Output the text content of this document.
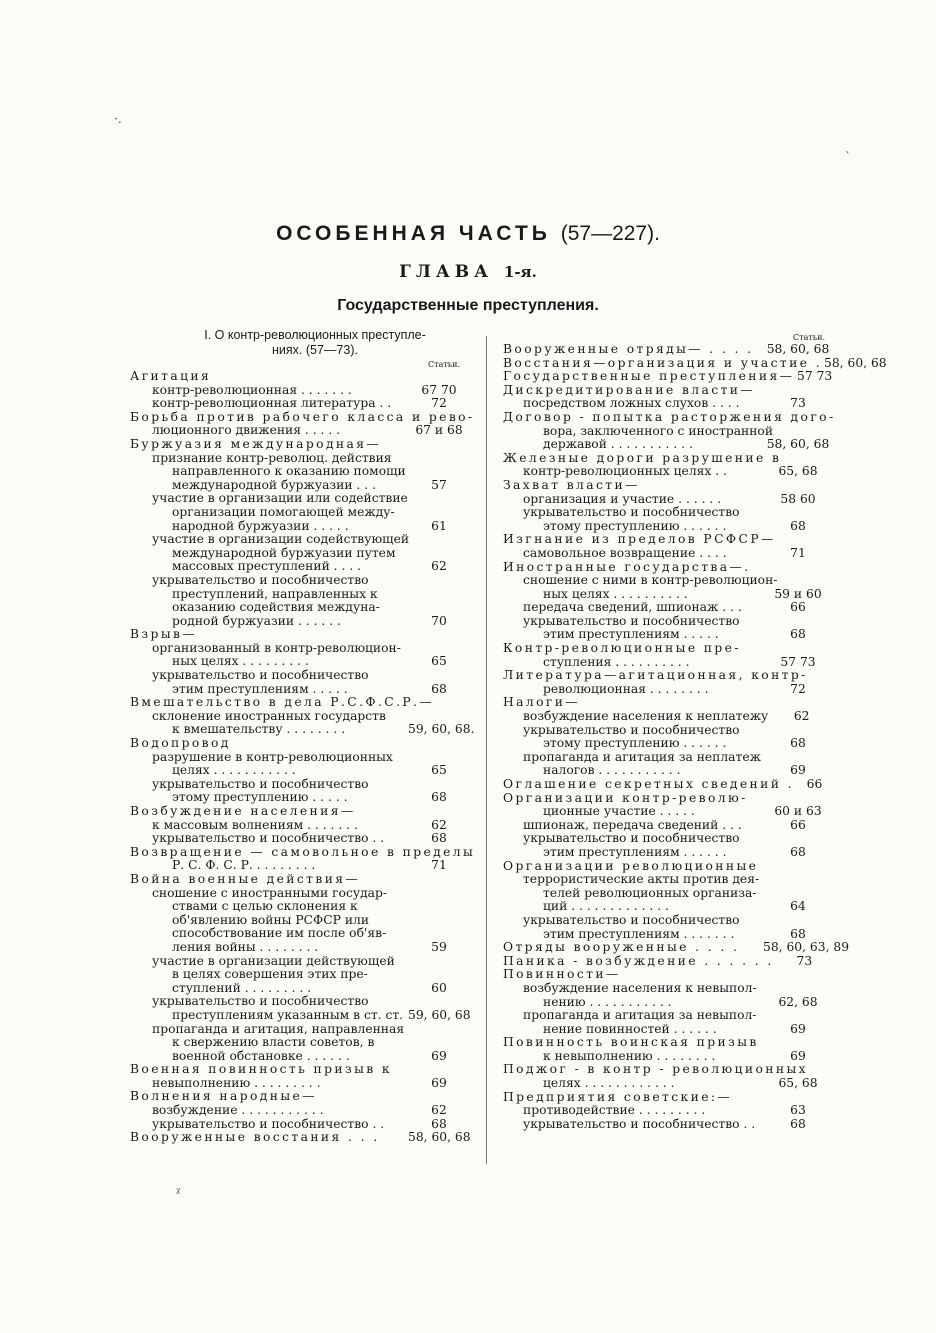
ОСОБЕННАЯ ЧАСТЬ (57—227).
ГЛАВА 1-я.
Государственные преступления.
I. О контр-революционных преступле-
ниях. (57—73).
Статьи.
Агитация
контр-революционная . . . . . . .	67 70
контр-революционная литература . .	72
Борьба против рабочего класса и рево-
люционного движения . . . . .	67 и 68
Буржуазия международная—
признание контр-революц. действия
направленного к оказанию помощи
международной буржуазии . . .	57
участие в организации или содействие
организации помогающей между-
народной буржуазии . . . . .	61
участие в организации содействующей
международной буржуазии путем
массовых преступлений . . . .	62
укрывательство и пособничество
преступлений, направленных к
оказанию содействия междуна-
родной буржуазии . . . . . .	70
Взрыв—
организованный в контр-революцион-
ных целях . . . . . . . . .	65
укрывательство и пособничество
этим преступлениям . . . . .	68
Вмешательство в дела Р.С.Ф.С.Р.—
склонение иностранных государств
к вмешательству . . . . . . . .	59, 60, 68.
Водопровод
разрушение в контр-революционных
целях . . . . . . . . . . .	65
укрывательство и пособничество
этому преступлению . . . . .	68
Возбуждение населения—
к массовым волнениям . . . . . . .	62
укрывательство и пособничество . .	68
Возвращение — самовольное в пределы
Р. С. Ф. С. Р. . . . . . . . .	71
Война военные действия—
сношение с иностранными государ-
ствами с целью склонения к
об'явлению войны РСФСР или
способствование им после об'яв-
ления войны . . . . . . . .	59
участие в организации действующей
в целях совершения этих пре-
ступлений . . . . . . . . .	60
укрывательство и пособничество
преступлениям указанным в ст. ст. 59, 60, 68
пропаганда и агитация, направленная
к свержению власти советов, в
военной обстановке . . . . . .	69
Военная повинность призыв к
невыполнению . . . . . . . . .	69
Волнения народные—
возбуждение . . . . . . . . . . .	62
укрывательство и пособничество . .	68
Вооруженные восстания . . .	58, 60, 68
Статьи.
Вооруженные отряды— . . . .	58, 60, 68
Восстания—организация и участие . 58, 60, 68
Государственные преступления— 57 73
Дискредитирование власти—
посредством ложных слухов . . . .	73
Договор - попытка расторжения дого-
вора, заключенного с иностранной
державой . . . . . . . . . . .	58, 60, 68
Железные дороги разрушение в
контр-революционных целях . .	65, 68
Захват власти—
организация и участие . . . . . .	58 60
укрывательство и пособничество
этому преступлению . . . . . .	68
Изгнание из пределов РСФСР—
самовольное возвращение . . . .	71
Иностранные государства—.
сношение с ними в контр-революцион-
ных целях . . . . . . . . . .	59 и 60
передача сведений, шпионаж . . .	66
укрывательство и пособничество
этим преступлениям . . . . .	68
Контр-революционные пре-
ступления . . . . . . . . . .	57 73
Литература—агитационная, контр-
революционная . . . . . . . .	72
Налоги—
возбуждение населения к неплатежу	62
укрывательство и пособничество
этому преступлению . . . . . .	68
пропаганда и агитация за неплатеж
налогов . . . . . . . . . . .	69
Оглашение секретных сведений .	66
Организации контр-револю-
ционные участие . . . . .	60 и 63
шпионаж, передача сведений . . .	66
укрывательство и пособничество
этим преступлениям . . . . . .	68
Организации революционные
террористические акты против дея-
телей революционных организа-
ций . . . . . . . . . . . . .	64
укрывательство и пособничество
этим преступлениям . . . . . . .	68
Отряды вооруженные . . . .	58, 60, 63, 89
Паника - возбуждение . . . . . .	73
Повинности—
возбуждение населения к невыпол-
нению . . . . . . . . . . .	62, 68
пропаганда и агитация за невыпол-
нение повинностей . . . . . .	69
Повинность воинская призыв
к невыполнению . . . . . . . .	69
Поджог - в контр - революционных
целях . . . . . . . . . . . .	65, 68
Предприятия советские:—
противодействие . . . . . . . . .	63
укрывательство и пособничество . .	68
·.
ˋ
ᵡ
